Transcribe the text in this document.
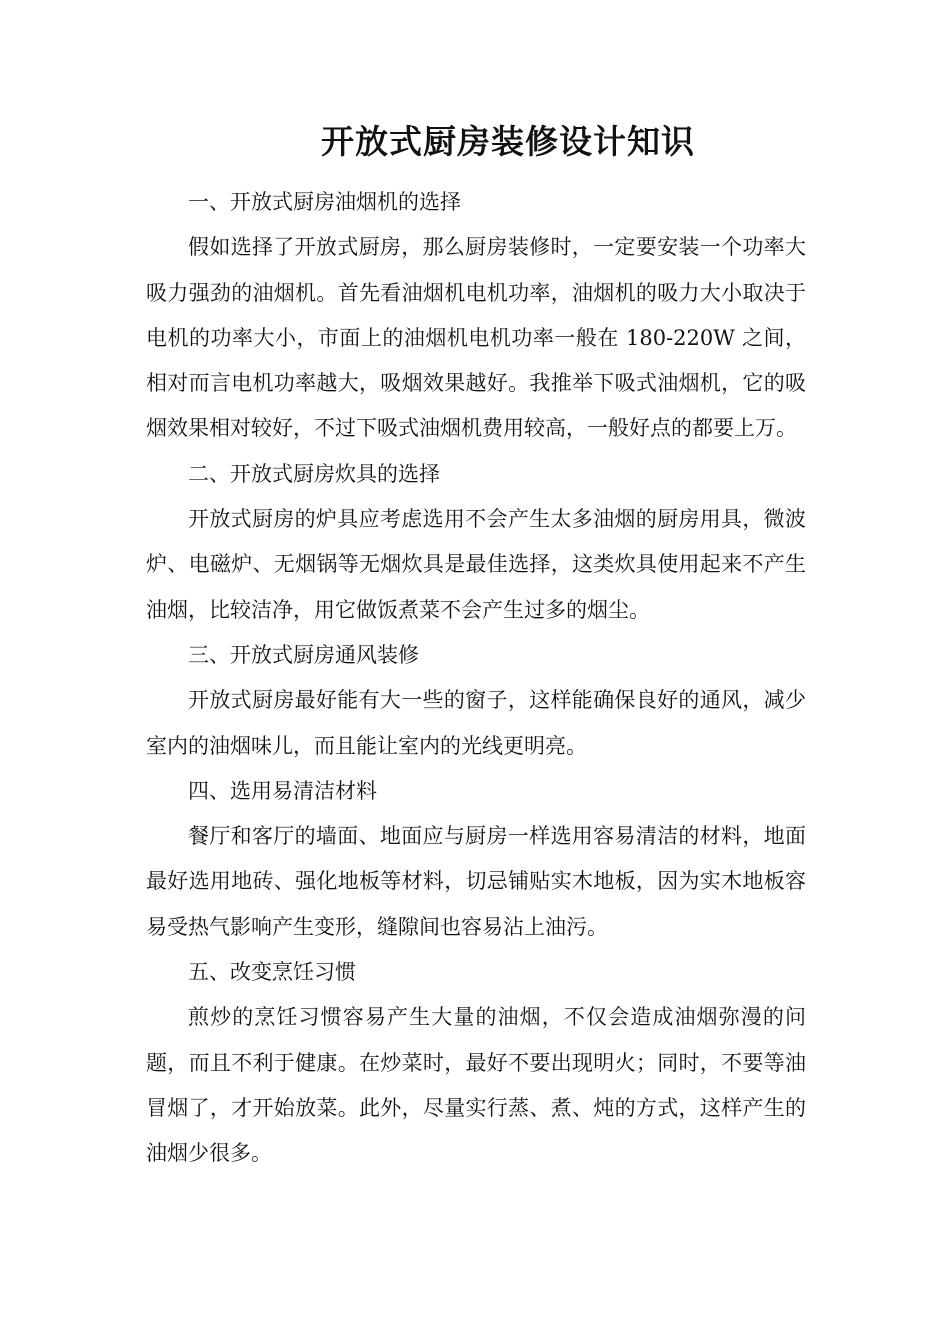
开放式厨房装修设计知识

一、开放式厨房油烟机的选择

假如选择了开放式厨房，那么厨房装修时，一定要安装一个功率大吸力强劲的油烟机。首先看油烟机电机功率，油烟机的吸力大小取决于电机的功率大小，市面上的油烟机电机功率一般在 180-220W 之间，相对而言电机功率越大，吸烟效果越好。我推举下吸式油烟机，它的吸烟效果相对较好，不过下吸式油烟机费用较高，一般好点的都要上万。

二、开放式厨房炊具的选择

开放式厨房的炉具应考虑选用不会产生太多油烟的厨房用具，微波炉、电磁炉、无烟锅等无烟炊具是最佳选择，这类炊具使用起来不产生油烟，比较洁净，用它做饭煮菜不会产生过多的烟尘。

三、开放式厨房通风装修

开放式厨房最好能有大一些的窗子，这样能确保良好的通风，减少室内的油烟味儿，而且能让室内的光线更明亮。

四、选用易清洁材料

餐厅和客厅的墙面、地面应与厨房一样选用容易清洁的材料，地面最好选用地砖、强化地板等材料，切忌铺贴实木地板，因为实木地板容易受热气影响产生变形，缝隙间也容易沾上油污。

五、改变烹饪习惯

煎炒的烹饪习惯容易产生大量的油烟，不仅会造成油烟弥漫的问题，而且不利于健康。在炒菜时，最好不要出现明火；同时，不要等油冒烟了，才开始放菜。此外，尽量实行蒸、煮、炖的方式，这样产生的油烟少很多。
